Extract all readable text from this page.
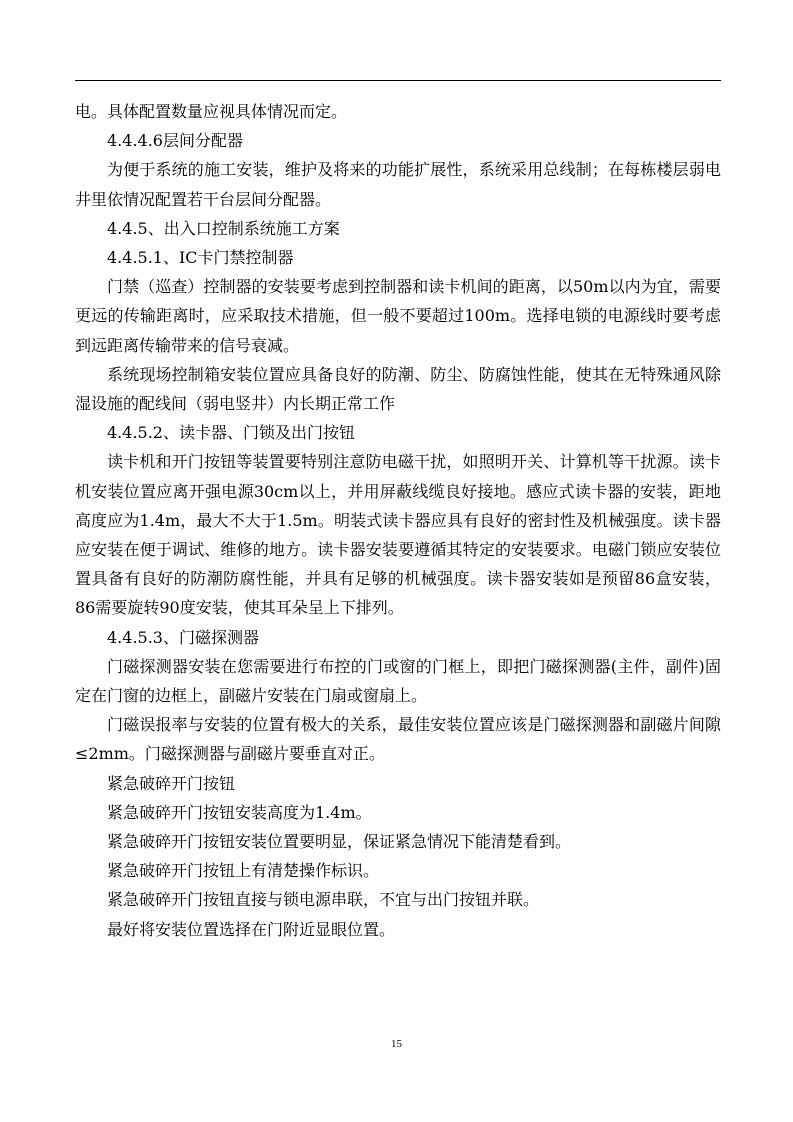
电。具体配置数量应视具体情况而定。

4.4.4.6层间分配器

为便于系统的施工安装，维护及将来的功能扩展性，系统采用总线制；在每栋楼层弱电井里依情况配置若干台层间分配器。

4.4.5、出入口控制系统施工方案

4.4.5.1、IC卡门禁控制器

门禁（巡查）控制器的安装要考虑到控制器和读卡机间的距离，以50m以内为宜，需要更远的传输距离时，应采取技术措施，但一般不要超过100m。选择电锁的电源线时要考虑到远距离传输带来的信号衰减。

系统现场控制箱安装位置应具备良好的防潮、防尘、防腐蚀性能，使其在无特殊通风除湿设施的配线间（弱电竖井）内长期正常工作

4.4.5.2、读卡器、门锁及出门按钮

读卡机和开门按钮等装置要特别注意防电磁干扰，如照明开关、计算机等干扰源。读卡机安装位置应离开强电源30cm以上，并用屏蔽线缆良好接地。感应式读卡器的安装，距地高度应为1.4m，最大不大于1.5m。明装式读卡器应具有良好的密封性及机械强度。读卡器应安装在便于调试、维修的地方。读卡器安装要遵循其特定的安装要求。电磁门锁应安装位置具备有良好的防潮防腐性能，并具有足够的机械强度。读卡器安装如是预留86盒安装，86需要旋转90度安装，使其耳朵呈上下排列。

4.4.5.3、门磁探测器

门磁探测器安装在您需要进行布控的门或窗的门框上，即把门磁探测器(主件，副件)固定在门窗的边框上，副磁片安装在门扇或窗扇上。

门磁误报率与安装的位置有极大的关系，最佳安装位置应该是门磁探测器和副磁片间隙≤2mm。门磁探测器与副磁片要垂直对正。

紧急破碎开门按钮

紧急破碎开门按钮安装高度为1.4m。

紧急破碎开门按钮安装位置要明显，保证紧急情况下能清楚看到。

紧急破碎开门按钮上有清楚操作标识。

紧急破碎开门按钮直接与锁电源串联，不宜与出门按钮并联。

最好将安装位置选择在门附近显眼位置。

15
